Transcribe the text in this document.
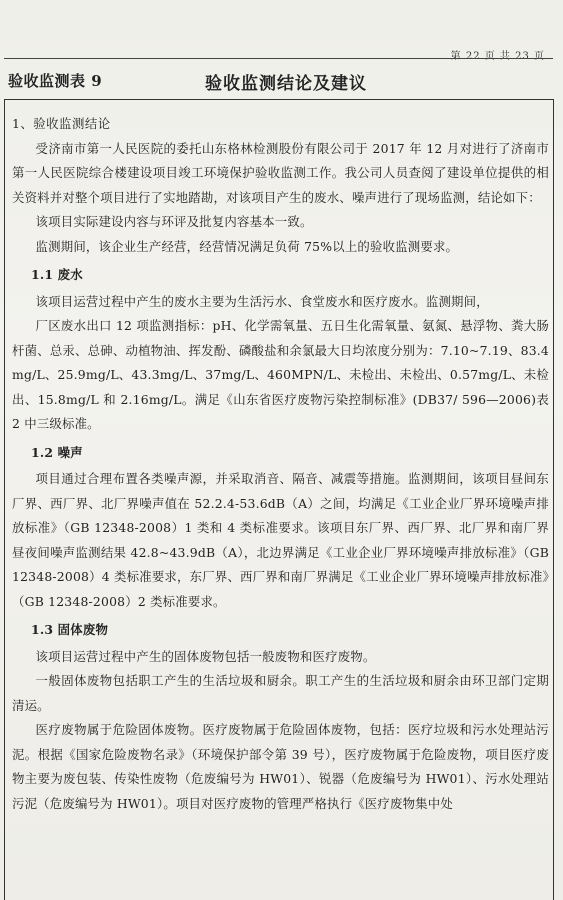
第 22 页 共 23 页
验收监测表 9	验收监测结论及建议

1、验收监测结论

受济南市第一人民医院的委托山东格林检测股份有限公司于 2017 年 12 月对进行了济南市第一人民医院综合楼建设项目竣工环境保护验收监测工作。我公司人员查阅了建设单位提供的相关资料并对整个项目进行了实地踏勘，对该项目产生的废水、噪声进行了现场监测，结论如下：

该项目实际建设内容与环评及批复内容基本一致。

监测期间，该企业生产经营，经营情况满足负荷 75%以上的验收监测要求。

1.1 废水

该项目运营过程中产生的废水主要为生活污水、食堂废水和医疗废水。监测期间，

厂区废水出口 12 项监测指标：pH、化学需氧量、五日生化需氧量、氨氮、悬浮物、粪大肠杆菌、总汞、总砷、动植物油、挥发酚、磷酸盐和余氯最大日均浓度分别为：7.10~7.19、83.4 mg/L、25.9mg/L、43.3mg/L、37mg/L、460MPN/L、未检出、未检出、0.57mg/L、未检出、15.8mg/L 和 2.16mg/L。满足《山东省医疗废物污染控制标准》(DB37/ 596—2006)表 2 中三级标准。

1.2 噪声

项目通过合理布置各类噪声源，并采取消音、隔音、减震等措施。监测期间，该项目昼间东厂界、西厂界、北厂界噪声值在 52.2.4-53.6dB（A）之间，均满足《工业企业厂界环境噪声排放标准》（GB 12348-2008）1 类和 4 类标准要求。该项目东厂界、西厂界、北厂界和南厂界昼夜间噪声监测结果 42.8~43.9dB（A），北边界满足《工业企业厂界环境噪声排放标准》（GB 12348-2008）4 类标准要求，东厂界、西厂界和南厂界满足《工业企业厂界环境噪声排放标准》（GB 12348-2008）2 类标准要求。

1.3 固体废物

该项目运营过程中产生的固体废物包括一般废物和医疗废物。

一般固体废物包括职工产生的生活垃圾和厨余。职工产生的生活垃圾和厨余由环卫部门定期清运。

医疗废物属于危险固体废物。医疗废物属于危险固体废物，包括：医疗垃圾和污水处理站污泥。根据《国家危险废物名录》（环境保护部令第 39 号），医疗废物属于危险废物，项目医疗废物主要为废包装、传染性废物（危废编号为 HW01）、锐器（危废编号为 HW01）、污水处理站污泥（危废编号为 HW01）。项目对医疗废物的管理严格执行《医疗废物集中处
